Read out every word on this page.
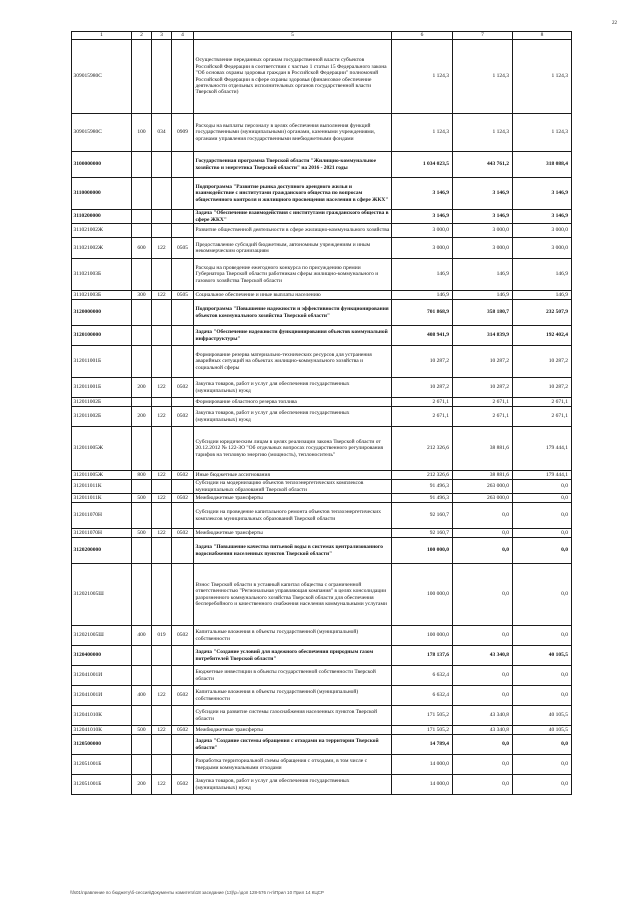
22
1	2	3	4	5	6	7	8
309015980С				Осуществление переданных органам государственной власти субъектов Российской Федерации в соответствии с частью 1 статьи 15 Федерального закона "Об основах охраны здоровья граждан в Российской Федерации" полномочий Российской Федерации в сфере охраны здоровья (финансовое обеспечение деятельности отдельных исполнительных органов государственной власти Тверской области)	1 124,3	1 124,3	1 124,3
309015980С	100	034	0909	Расходы на выплаты персоналу в целях обеспечения выполнения функций государственными (муниципальными) органами, казенными учреждениями, органами управления государственными внебюджетными фондами	1 124,3	1 124,3	1 124,3
3100000000				Государственная программа Тверской области "Жилищно-коммунальное хозяйство и энергетика Тверской области" на 2016 - 2021 годы	1 034 023,5	443 761,2	318 088,4
3110000000				Подпрограмма "Развитие рынка доступного арендного жилья и взаимодействие с институтами гражданского общества по вопросам общественного контроля и жилищного просвещения населения в сфере ЖКХ"	3 146,9	3 146,9	3 146,9
3110200000				Задача "Обеспечение взаимодействия с институтами гражданского общества в сфере ЖКХ"	3 146,9	3 146,9	3 146,9
311021002Ж				Развитие общественной деятельности в сфере жилищно-коммунального хозяйства	3 000,0	3 000,0	3 000,0
311021002Ж	600	122	0505	Предоставление субсидий бюджетным, автономным учреждениям и иным некоммерческим организациям	3 000,0	3 000,0	3 000,0
311021003Б				Расходы на проведение ежегодного конкурса по присуждению премии Губернатора Тверской области работникам сферы жилищно-коммунального и газового хозяйства Тверской области	146,9	146,9	146,9
311021003Б	300	122	0505	Социальное обеспечение и иные выплаты населению	146,9	146,9	146,9
3120000000				Подпрограмма "Повышение надежности и эффективности функционирования объектов коммунального хозяйства Тверской области"	701 868,9	358 180,7	232 507,9
3120100000				Задача "Обеспечение надежности функционирования объектов коммунальной инфраструктуры"	408 941,9	314 839,9	192 402,4
312011001Б				Формирование резерва материально-технических ресурсов для устранения аварийных ситуаций на объектах жилищно-коммунального хозяйства и социальной сферы	10 287,2	10 287,2	10 287,2
312011001Б	200	122	0502	Закупка товаров, работ и услуг для обеспечения государственных (муниципальных) нужд	10 287,2	10 287,2	10 287,2
312011002Б				Формирование областного резерва топлива	2 671,1	2 671,1	2 671,1
312011002Б	200	122	0502	Закупка товаров, работ и услуг для обеспечения государственных (муниципальных) нужд	2 671,1	2 671,1	2 671,1
312011005Ж				Субсидии юридическим лицам в целях реализации закона Тверской области от 20.12.2012 № 122-ЗО "Об отдельных вопросах государственного регулирования тарифов на тепловую энергию (мощность), теплоноситель"	212 326,6	38 881,6	179 444,1
312011005Ж	800	122	0502	Иные бюджетные ассигнования	212 326,6	38 881,6	179 444,1
312011011К				Субсидии на модернизацию объектов теплоэнергетических комплексов муниципальных образований Тверской области	91 496,3	263 000,0	0,0
312011011К	500	122	0502	Межбюджетные трансферты	91 496,3	263 000,0	0,0
312011070Н				Субсидии на проведение капитального ремонта объектов теплоэнергетических комплексов муниципальных образований Тверской области	92 160,7	0,0	0,0
312011070Н	500	122	0502	Межбюджетные трансферты	92 160,7	0,0	0,0
3120200000				Задача "Повышение качества питьевой воды в системах централизованного водоснабжения населенных пунктов Тверской области"	100 000,0	0,0	0,0
312021005Ш				Взнос Тверской области в уставный капитал общества с ограниченной ответственностью "Региональная управляющая компания" в целях консолидации разрозненного коммунального хозяйства Тверской области для обеспечения бесперебойного и качественного снабжения населения коммунальными услугами	100 000,0	0,0	0,0
312021005Ш	400	019	0502	Капитальные вложения в объекты государственной (муниципальной) собственности	100 000,0	0,0	0,0
3120400000				Задача "Создание условий для надежного обеспечения природным газом потребителей Тверской области"	178 137,6	43 340,8	40 105,5
312041001И				Бюджетные инвестиции в объекты государственной собственности Тверской области	6 632,4	0,0	0,0
312041001И	400	122	0502	Капитальные вложения в объекты государственной (муниципальной) собственности	6 632,4	0,0	0,0
312041010К				Субсидии на развитие системы газоснабжения населенных пунктов Тверской области	171 505,2	43 340,8	40 105,5
312041010К	500	122	0502	Межбюджетные трансферты	171 505,2	43 340,8	40 105,5
3120500000				Задача "Создание системы обращения с отходами на территории Тверской области"	14 789,4	0,0	0,0
312051001Б				Разработка территориальной схемы обращения с отходами, в том числе с твердыми коммунальными отходами	14 000,0	0,0	0,0
312051001Б	200	122	0502	Закупка товаров, работ и услуг для обеспечения государственных (муниципальных) нужд	14 000,0	0,0	0,0
\\fs01\правление по бюджету\б-сессия\Документы комитета\18 заседание (13)\р=\доп 128-576 п-п\Прил 10 Прил 14 КЦСР
